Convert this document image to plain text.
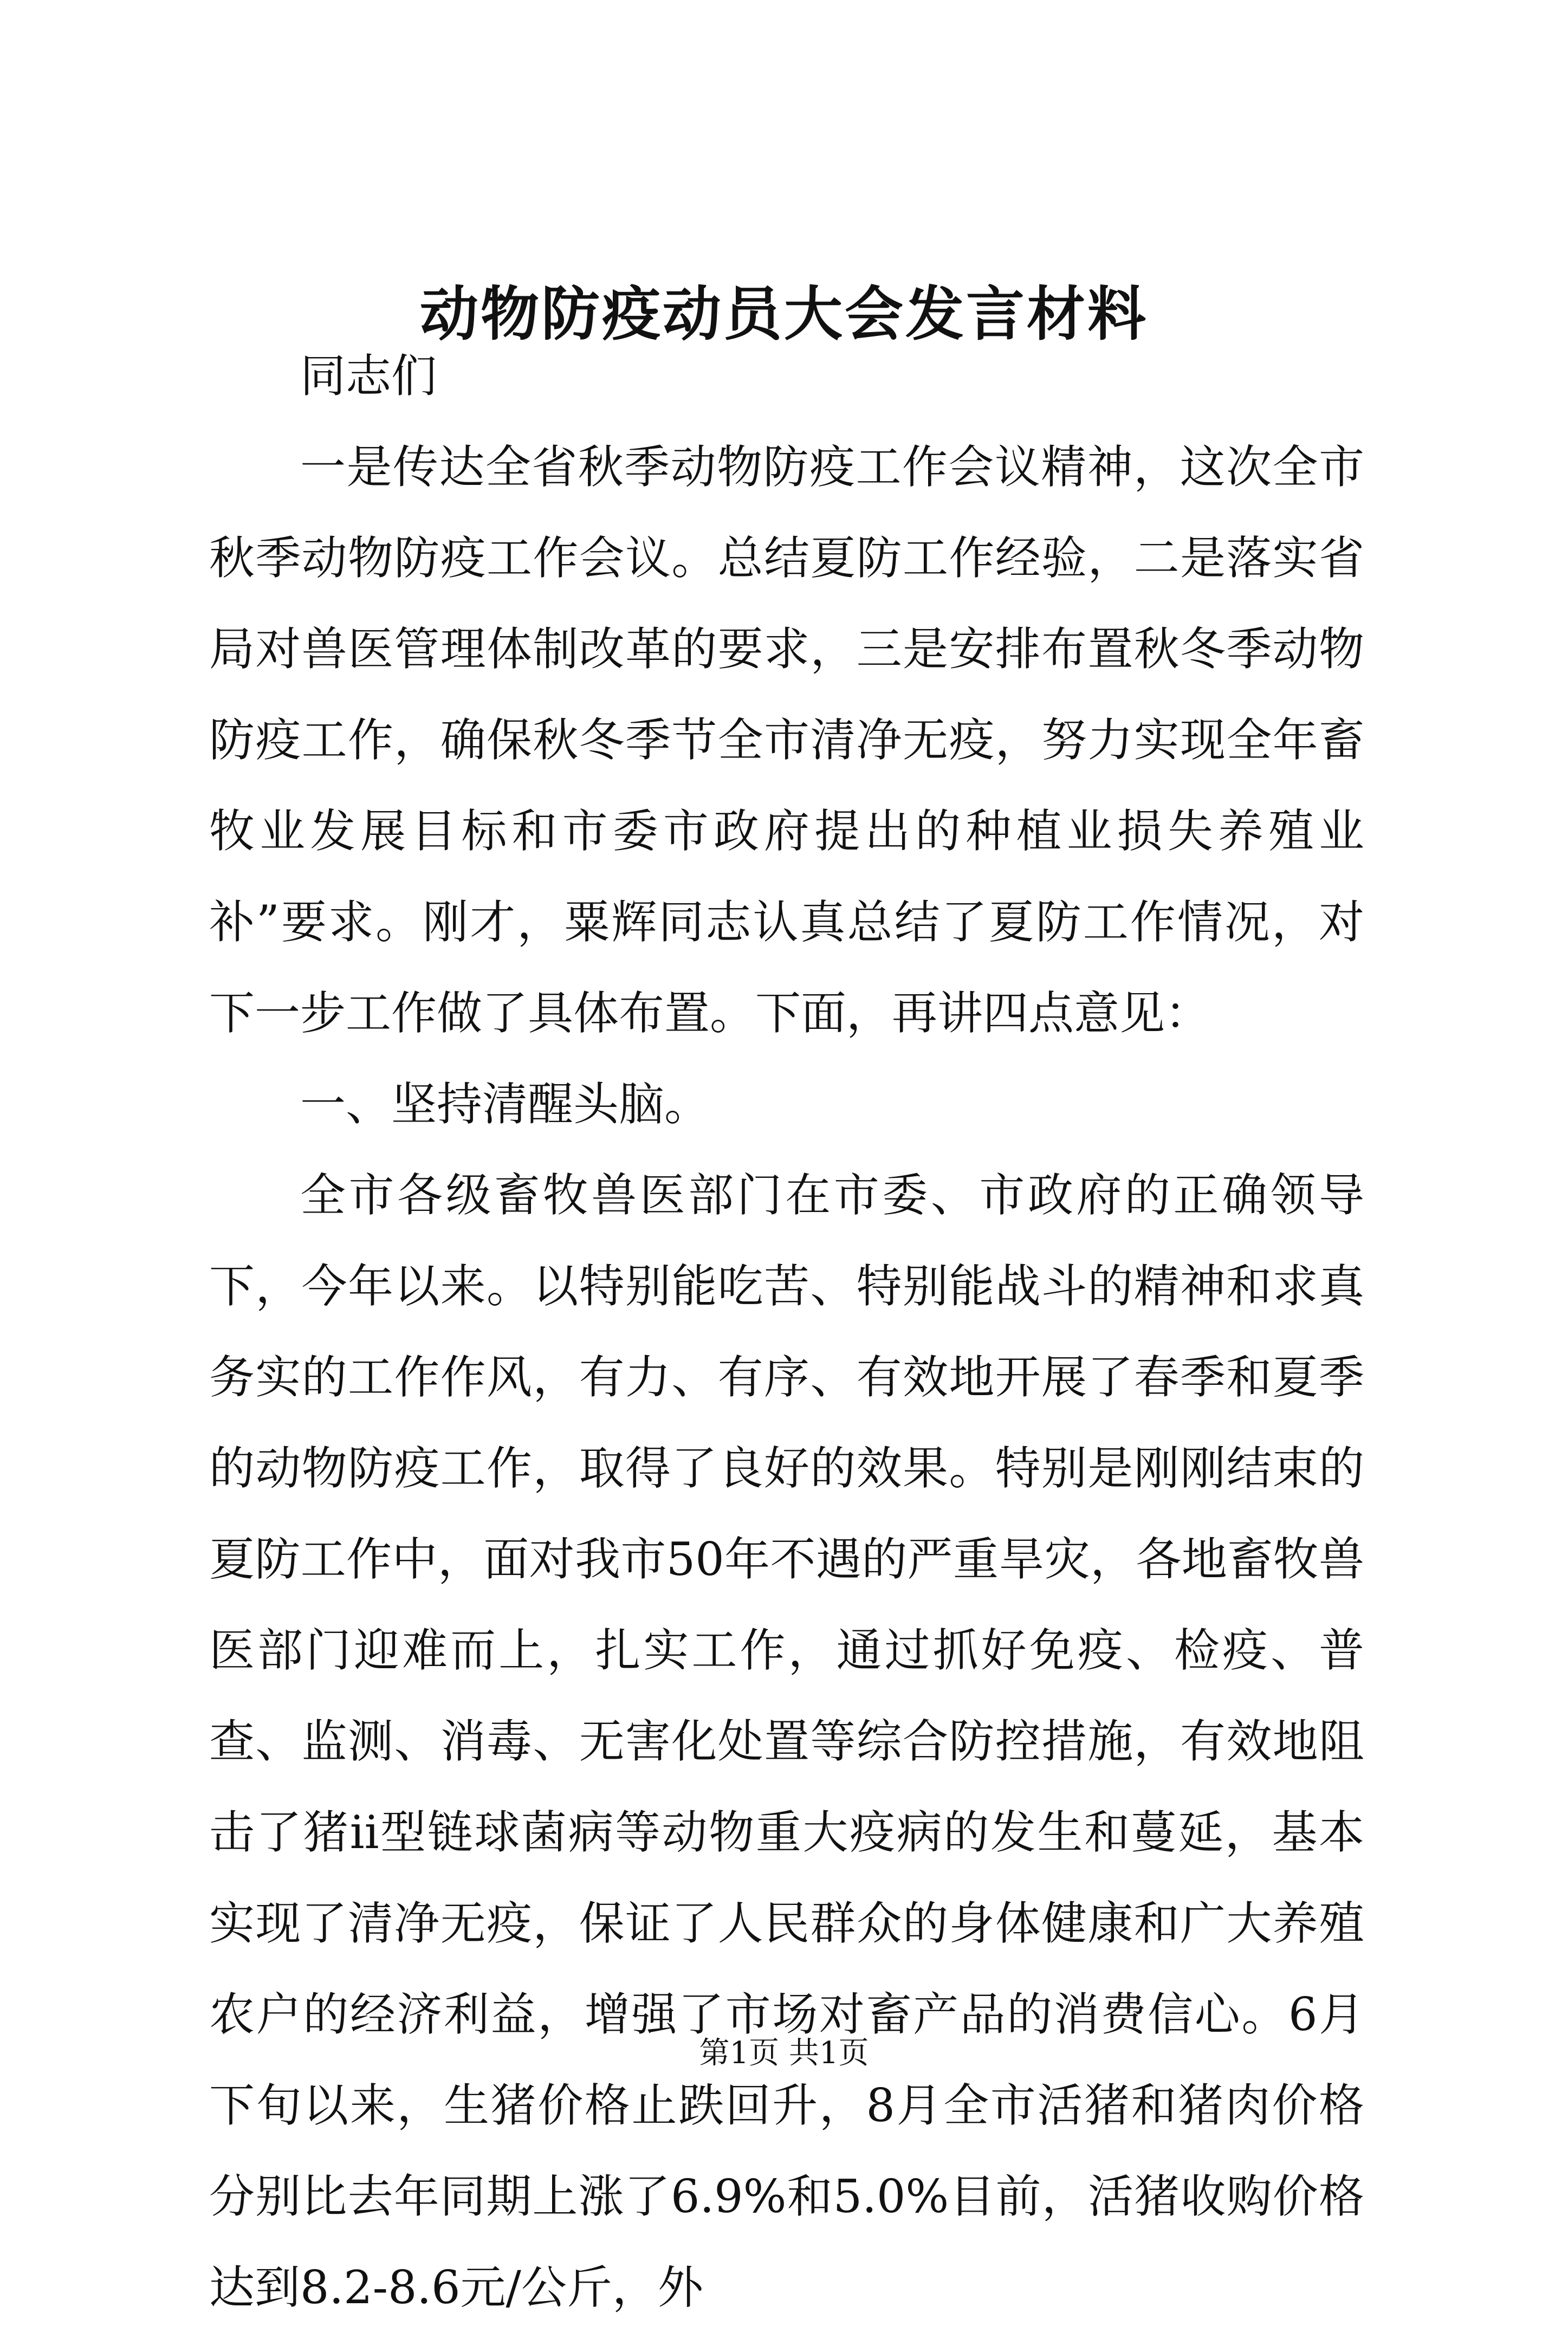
动物防疫动员大会发言材料

同志们

一是传达全省秋季动物防疫工作会议精神，这次全市秋季动物防疫工作会议。总结夏防工作经验，二是落实省局对兽医管理体制改革的要求，三是安排布置秋冬季动物防疫工作，确保秋冬季节全市清净无疫，努力实现全年畜牧业发展目标和市委市政府提出的种植业损失养殖业补”要求。刚才，粟辉同志认真总结了夏防工作情况，对下一步工作做了具体布置。下面，再讲四点意见：

一、坚持清醒头脑。

全市各级畜牧兽医部门在市委、市政府的正确领导下，今年以来。以特别能吃苦、特别能战斗的精神和求真务实的工作作风，有力、有序、有效地开展了春季和夏季的动物防疫工作，取得了良好的效果。特别是刚刚结束的夏防工作中，面对我市50年不遇的严重旱灾，各地畜牧兽医部门迎难而上，扎实工作，通过抓好免疫、检疫、普查、监测、消毒、无害化处置等综合防控措施，有效地阻击了猪ii型链球菌病等动物重大疫病的发生和蔓延，基本实现了清净无疫，保证了人民群众的身体健康和广大养殖农户的经济利益，增强了市场对畜产品的消费信心。6月下旬以来，生猪价格止跌回升，8月全市活猪和猪肉价格分别比去年同期上涨了6.9%和5.0%目前，活猪收购价格达到8.2-8.6元/公斤，外

第1页 共1页
